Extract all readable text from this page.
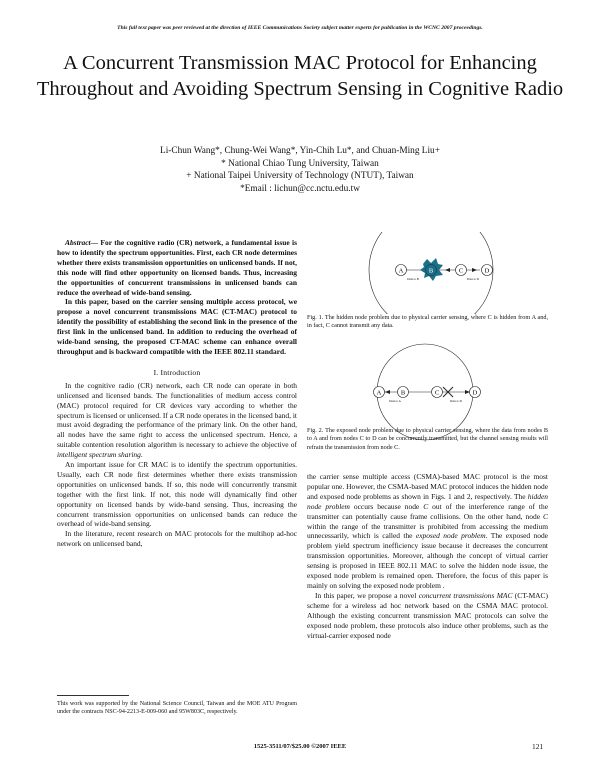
This full text paper was peer reviewed at the direction of IEEE Communications Society subject matter experts for publication in the WCNC 2007 proceedings.
A Concurrent Transmission MAC Protocol for Enhancing Throughout and Avoiding Spectrum Sensing in Cognitive Radio
Li-Chun Wang*, Chung-Wei Wang*, Yin-Chih Lu*, and Chuan-Ming Liu+
* National Chiao Tung University, Taiwan
+ National Taipei University of Technology (NTUT), Taiwan
*Email : lichun@cc.nctu.edu.tw

Abstract— For the cognitive radio (CR) network, a fundamental issue is how to identify the spectrum opportunities. First, each CR node determines whether there exists transmission opportunities on unlicensed bands. If not, this node will find other opportunity on licensed bands. Thus, increasing the opportunities of concurrent transmissions in unlicensed bands can reduce the overhead of wide-band sensing.

In this paper, based on the carrier sensing multiple access protocol, we propose a novel concurrent transmissions MAC (CT-MAC) protocol to identify the possibility of establishing the second link in the presence of the first link in the unlicensed band. In addition to reducing the overhead of wide-band sensing, the proposed CT-MAC scheme can enhance overall throughput and is backward compatible with the IEEE 802.11 standard.

I. Introduction

In the cognitive radio (CR) network, each CR node can operate in both unlicensed and licensed bands. The functionalities of medium access control (MAC) protocol required for CR devices vary according to whether the spectrum is licensed or unlicensed. If a CR node operates in the licensed band, it must avoid degrading the performance of the primary link. On the other hand, all nodes have the same right to access the unlicensed spectrum. Hence, a suitable contention resolution algorithm is necessary to achieve the objective of intelligent spectrum sharing.

An important issue for CR MAC is to identify the spectrum opportunities. Usually, each CR node first determines whether there exists transmission opportunities on unlicensed bands. If so, this node will concurrently transmit together with the first link. If not, this node will dynamically find other opportunity on licensed bands by wide-band sensing. Thus, increasing the concurrent transmission opportunities on unlicensed bands can reduce the overhead of wide-band sensing.

In the literature, recent research on MAC protocols for the multihop ad-hoc network on unlicensed band,

This work was supported by the National Science Council, Taiwan and the MOE ATU Program under the contracts NSC-94-2213-E-009-060 and 95W803C, respectively.
A	B	C	D
Data to B	Data to D
Fig. 1. The hidden node problem due to physical carrier sensing, where C is hidden from A and, in fact, C cannot transmit any data.
A	B	C	D
Data to A	Data to D
Fig. 2. The exposed node problem due to physical carrier sensing, where the data from nodes B to A and from nodes C to D can be concurrently transmitted, but the channel sensing results will refrain the transmission from node C.

the carrier sense multiple access (CSMA)-based MAC protocol is the most popular one. However, the CSMA-based MAC protocol induces the hidden node and exposed node problems as shown in Figs. 1 and 2, respectively. The hidden node problem occurs because node C out of the interference range of the transmitter can potentially cause frame collisions. On the other hand, node C within the range of the transmitter is prohibited from accessing the medium unnecessarily, which is called the exposed node problem. The exposed node problem yield spectrum inefficiency issue because it decreases the concurrent transmission opportunities. Moreover, although the concept of virtual carrier sensing is proposed in IEEE 802.11 MAC to solve the hidden node issue, the exposed node problem is remained open. Therefore, the focus of this paper is mainly on solving the exposed node problem .

In this paper, we propose a novel concurrent transmissions MAC (CT-MAC) scheme for a wireless ad hoc network based on the CSMA MAC protocol. Although the existing concurrent transmission MAC protocols can solve the exposed node problem, these protocols also induce other problems, such as the virtual-carrier exposed node

1525-3511/07/$25.00 ©2007 IEEE	121
